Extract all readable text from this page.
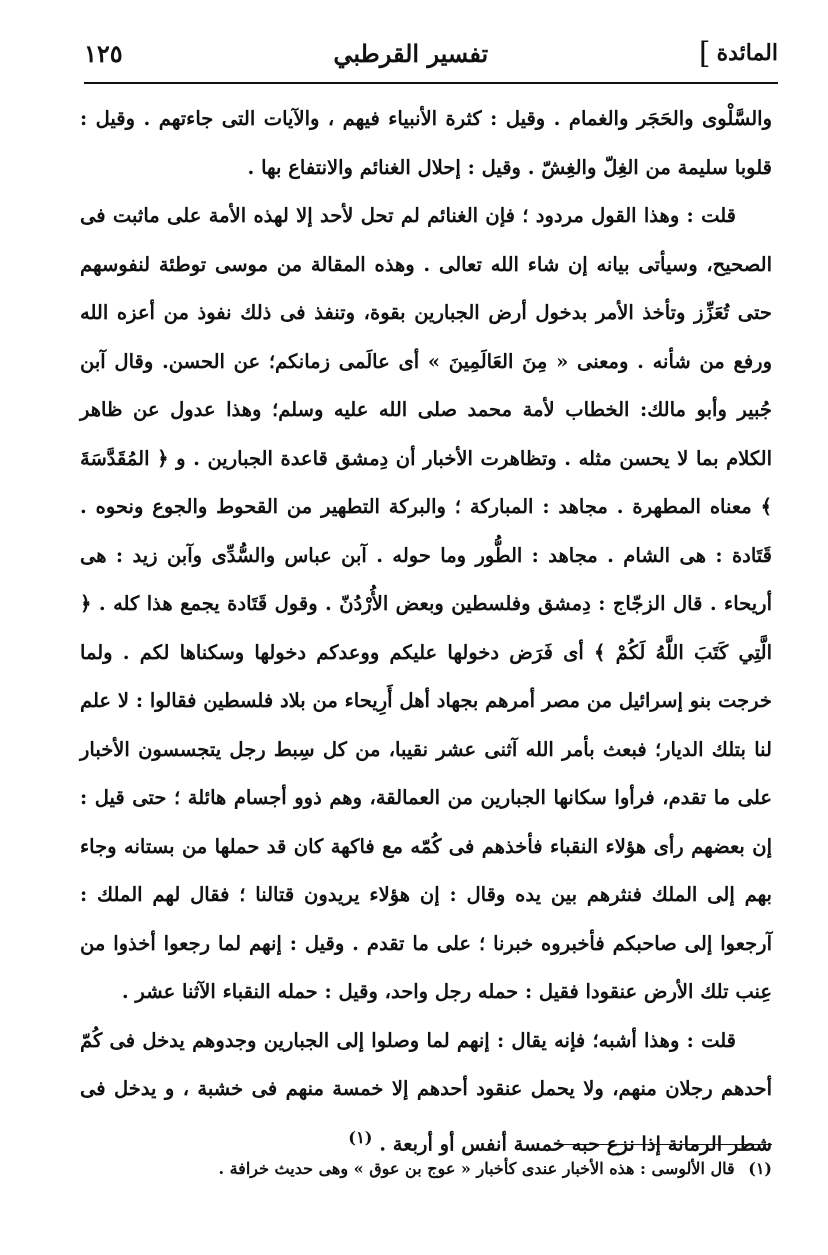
المائدة
]
تفسير القرطبي
١٢٥

والسَّلْوى والحَجَر والغمام . وقيل : كثرة الأنبياء فيهم ، والآيات التى جاءتهم . وقيل : قلوبا سليمة من الغِلّ والغِشّ . وقيل : إحلال الغنائم والانتفاع بها .

قلت : وهذا القول مردود ؛ فإن الغنائم لم تحل لأحد إلا لهذه الأمة على ماثبت فى الصحيح، وسيأتى بيانه إن شاء الله تعالى . وهذه المقالة من موسى توطئة لنفوسهم حتى تُعَزِّز وتأخذ الأمر بدخول أرض الجبارين بقوة، وتنفذ فى ذلك نفوذ من أعزه الله ورفع من شأنه . ومعنى « مِنَ العَالَمِينَ » أى عالَمى زمانكم؛ عن الحسن. وقال آبن جُبير وأبو مالك: الخطاب لأمة محمد صلى الله عليه وسلم؛ وهذا عدول عن ظاهر الكلام بما لا يحسن مثله . وتظاهرت الأخبار أن دِمشق قاعدة الجبارين . و ﴿ المُقَدَّسَةَ ﴾ معناه المطهرة . مجاهد : المباركة ؛ والبركة التطهير من القحوط والجوع ونحوه . قَتَادة : هى الشام . مجاهد : الطُّور وما حوله . آبن عباس والسُّدِّى وآبن زيد : هى أريحاء . قال الزجّاج : دِمشق وفلسطين وبعض الأُرْدُنّ . وقول قَتَادة يجمع هذا كله . ﴿ الَّتِي كَتَبَ اللَّهُ لَكُمْ ﴾ أى فَرَض دخولها عليكم ووعدكم دخولها وسكناها لكم . ولما خرجت بنو إسرائيل من مصر أمرهم بجهاد أهل أَرِيحاء من بلاد فلسطين فقالوا : لا علم لنا بتلك الديار؛ فبعث بأمر الله آثنى عشر نقيبا، من كل سِبط رجل يتجسسون الأخبار على ما تقدم، فرأوا سكانها الجبارين من العمالقة، وهم ذوو أجسام هائلة ؛ حتى قيل : إن بعضهم رأى هؤلاء النقباء فأخذهم فى كُمّه مع فاكهة كان قد حملها من بستانه وجاء بهم إلى الملك فنثرهم بين يده وقال : إن هؤلاء يريدون قتالنا ؛ فقال لهم الملك : آرجعوا إلى صاحبكم فأخبروه خبرنا ؛ على ما تقدم . وقيل : إنهم لما رجعوا أخذوا من عِنب تلك الأرض عنقودا فقيل : حمله رجل واحد، وقيل : حمله النقباء الآثنا عشر .

قلت : وهذا أشبه؛ فإنه يقال : إنهم لما وصلوا إلى الجبارين وجدوهم يدخل فى كُمّ أحدهم رجلان منهم، ولا يحمل عنقود أحدهم إلا خمسة منهم فى خشبة ، و يدخل فى شطر الرمانة إذا نزع حبه خمسة أنفس أو أربعة . $^{(١)}$

(١) قال الألوسى : هذه الأخبار عندى كأخبار « عوج بن عوق » وهى حديث خرافة .
